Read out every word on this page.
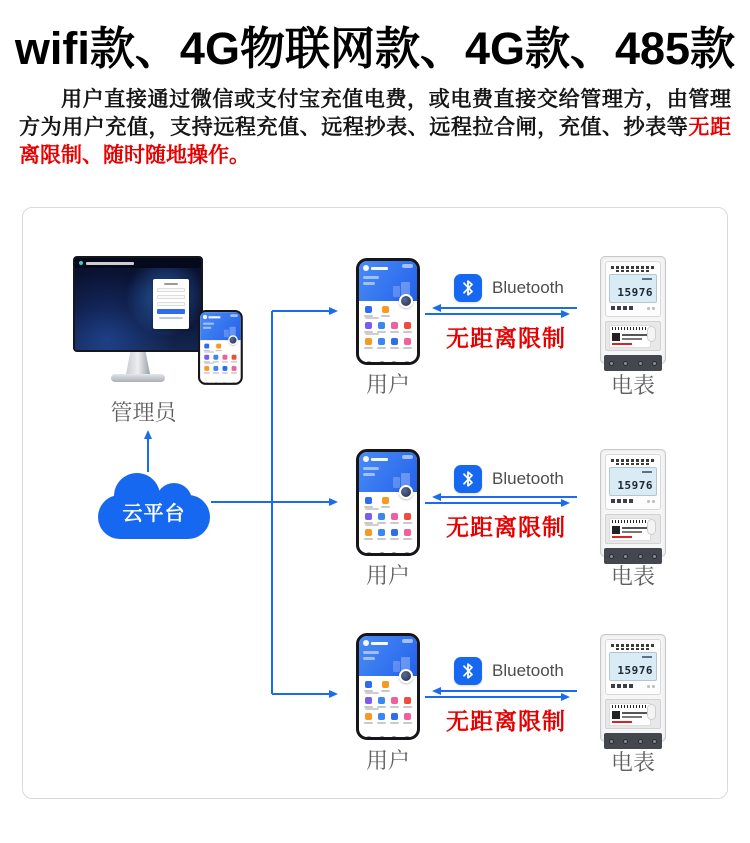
wifi款、4G物联网款、4G款、485款

用户直接通过微信或支付宝充值电费，或电费直接交给管理方，由管理方为用户充值，支持远程充值、远程抄表、远程拉合闸，充值、抄表等无距离限制、随时随地操作。

管理员
云平台
用户
Bluetooth
无距离限制
15976
电表
用户
Bluetooth
无距离限制
15976
电表
用户
Bluetooth
无距离限制
15976
电表
